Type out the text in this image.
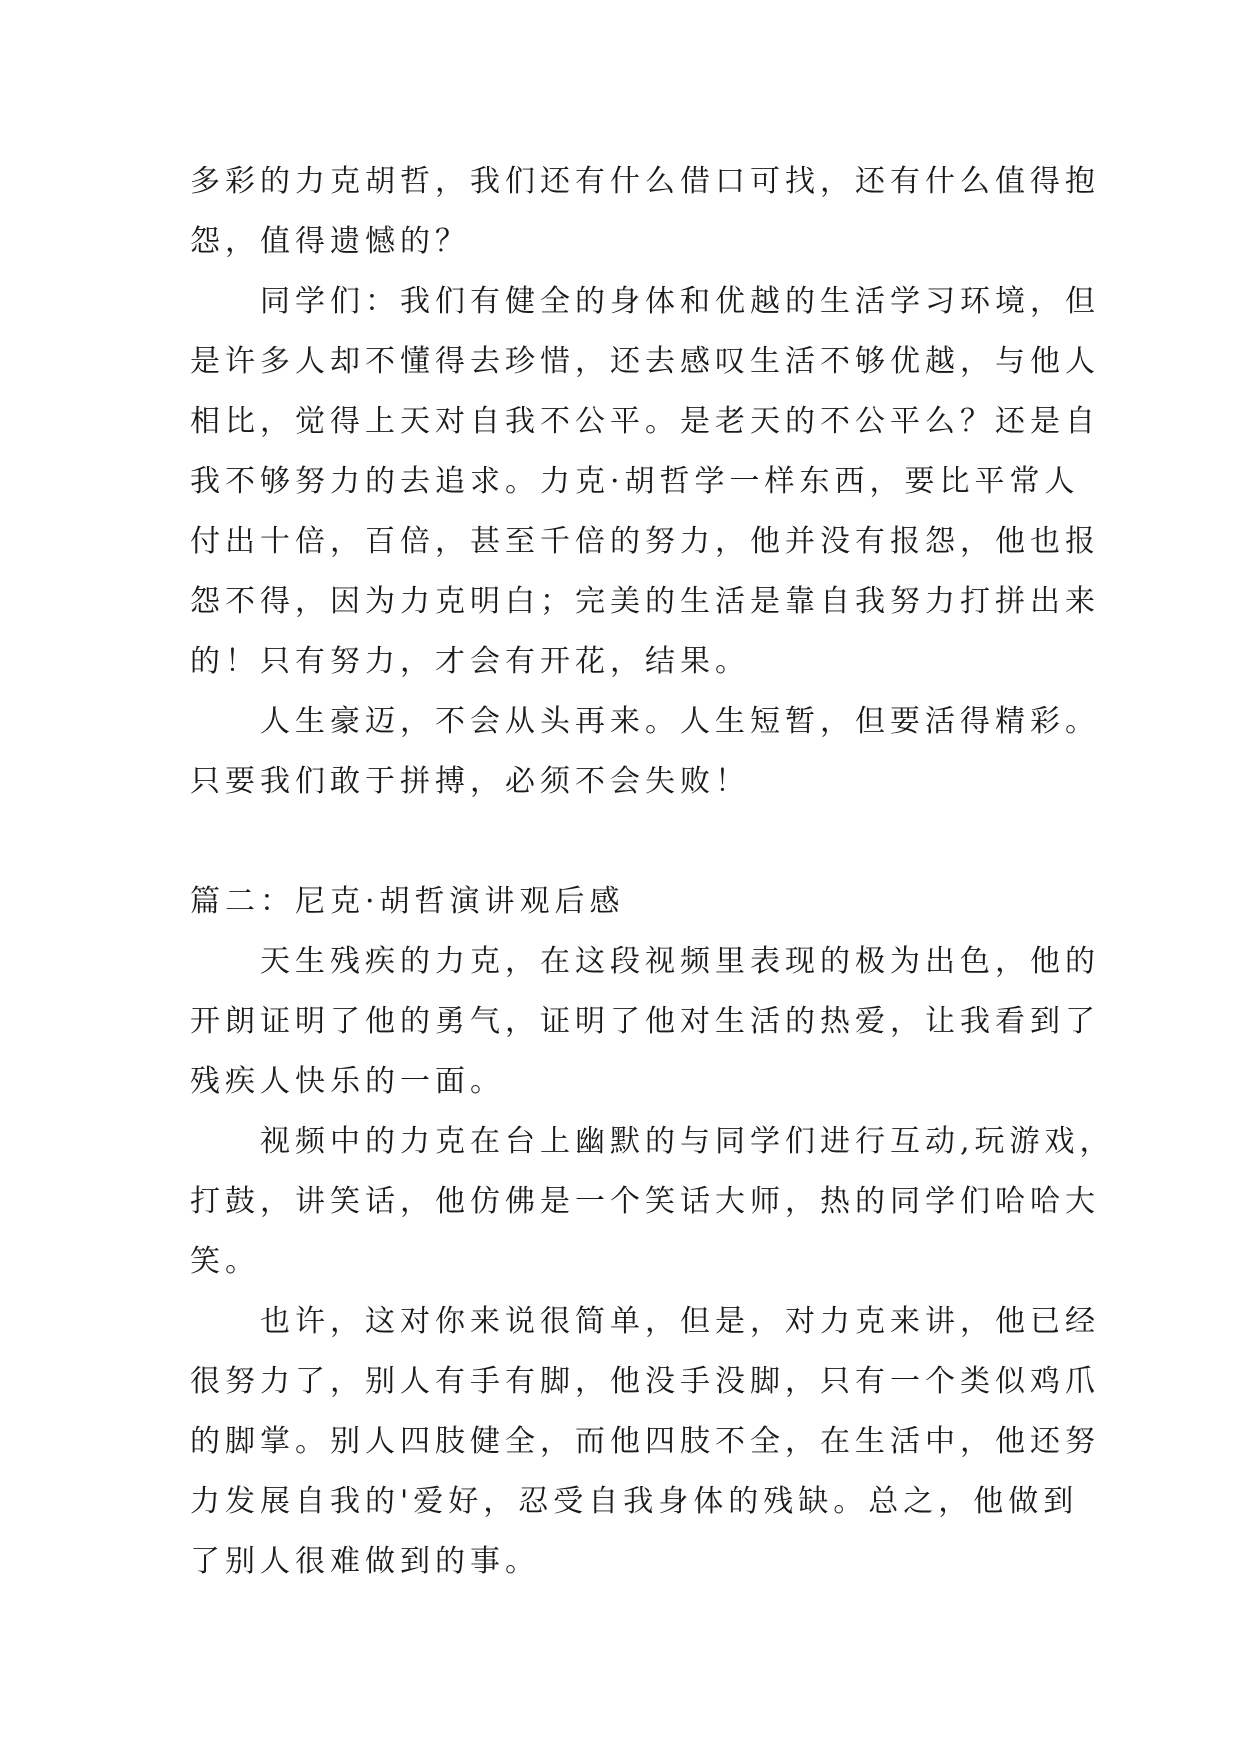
多彩的力克胡哲，我们还有什么借口可找，还有什么值得抱
怨，值得遗憾的？
　　同学们：我们有健全的身体和优越的生活学习环境，但
是许多人却不懂得去珍惜，还去感叹生活不够优越，与他人
相比，觉得上天对自我不公平。是老天的不公平么？还是自
我不够努力的去追求。力克·胡哲学一样东西，要比平常人
付出十倍，百倍，甚至千倍的努力，他并没有报怨，他也报
怨不得，因为力克明白；完美的生活是靠自我努力打拼出来
的！只有努力，才会有开花，结果。
　　人生豪迈，不会从头再来。人生短暂，但要活得精彩。
只要我们敢于拼搏，必须不会失败！
篇二：尼克·胡哲演讲观后感
　　天生残疾的力克，在这段视频里表现的极为出色，他的
开朗证明了他的勇气，证明了他对生活的热爱，让我看到了
残疾人快乐的一面。
　　视频中的力克在台上幽默的与同学们进行互动,玩游戏，
打鼓，讲笑话，他仿佛是一个笑话大师，热的同学们哈哈大
笑。
　　也许，这对你来说很简单，但是，对力克来讲，他已经
很努力了，别人有手有脚，他没手没脚，只有一个类似鸡爪
的脚掌。别人四肢健全，而他四肢不全，在生活中，他还努
力发展自我的'爱好，忍受自我身体的残缺。总之，他做到
了别人很难做到的事。
